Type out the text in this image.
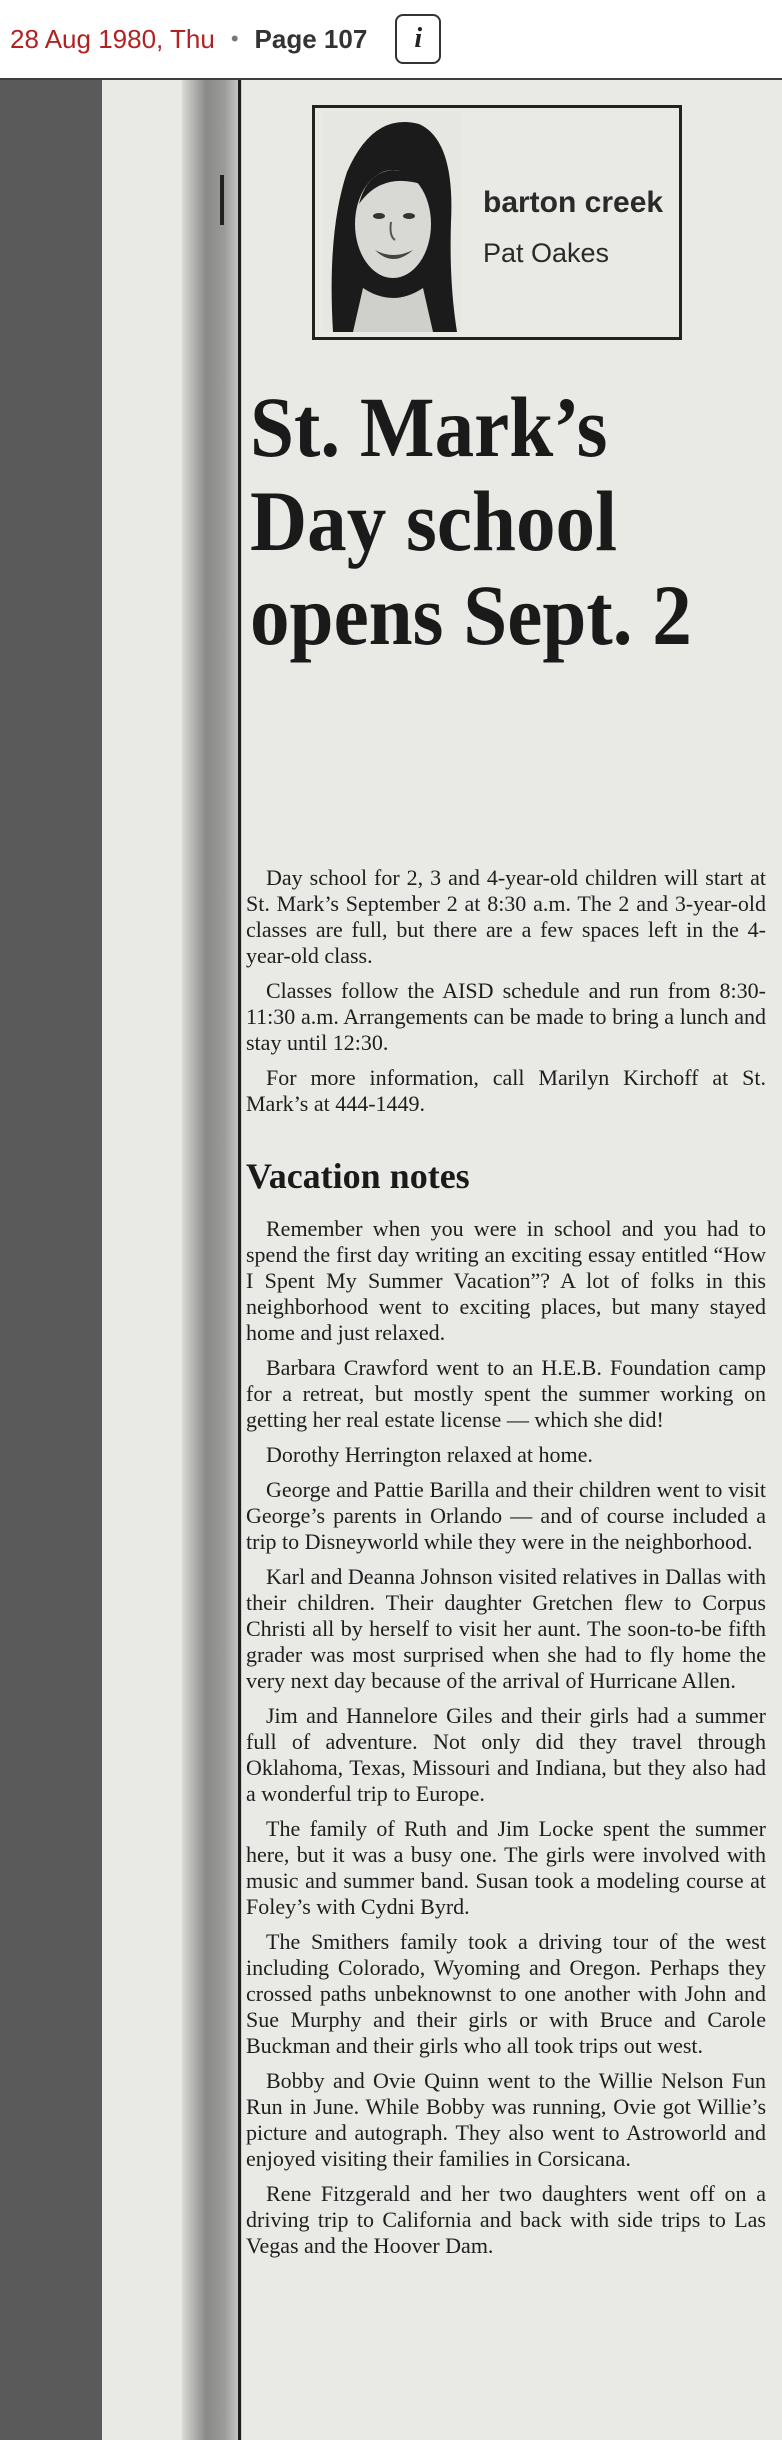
28 Aug 1980, Thu • Page 107 i
barton creek
Pat Oakes
St. Mark’s
Day school
opens Sept. 2

Day school for 2, 3 and 4-year-old children will start at St. Mark’s September 2 at 8:30 a.m. The 2 and 3-year-old classes are full, but there are a few spaces left in the 4-year-old class.

Classes follow the AISD schedule and run from 8:30-11:30 a.m. Arrangements can be made to bring a lunch and stay until 12:30.

For more information, call Marilyn Kirchoff at St. Mark’s at 444-1449.

Vacation notes

Remember when you were in school and you had to spend the first day writing an exciting essay entitled “How I Spent My Summer Vacation”? A lot of folks in this neighborhood went to exciting places, but many stayed home and just relaxed.

Barbara Crawford went to an H.E.B. Foundation camp for a retreat, but mostly spent the summer working on getting her real estate license — which she did!

Dorothy Herrington relaxed at home.

George and Pattie Barilla and their children went to visit George’s parents in Orlando — and of course included a trip to Disneyworld while they were in the neighborhood.

Karl and Deanna Johnson visited relatives in Dallas with their children. Their daughter Gretchen flew to Corpus Christi all by herself to visit her aunt. The soon-to-be fifth grader was most surprised when she had to fly home the very next day because of the arrival of Hurricane Allen.

Jim and Hannelore Giles and their girls had a summer full of adventure. Not only did they travel through Oklahoma, Texas, Missouri and Indiana, but they also had a wonderful trip to Europe.

The family of Ruth and Jim Locke spent the summer here, but it was a busy one. The girls were involved with music and summer band. Susan took a modeling course at Foley’s with Cydni Byrd.

The Smithers family took a driving tour of the west including Colorado, Wyoming and Oregon. Perhaps they crossed paths unbeknownst to one another with John and Sue Murphy and their girls or with Bruce and Carole Buckman and their girls who all took trips out west.

Bobby and Ovie Quinn went to the Willie Nelson Fun Run in June. While Bobby was running, Ovie got Willie’s picture and autograph. They also went to Astroworld and enjoyed visiting their families in Corsicana.

Rene Fitzgerald and her two daughters went off on a driving trip to California and back with side trips to Las Vegas and the Hoover Dam.
